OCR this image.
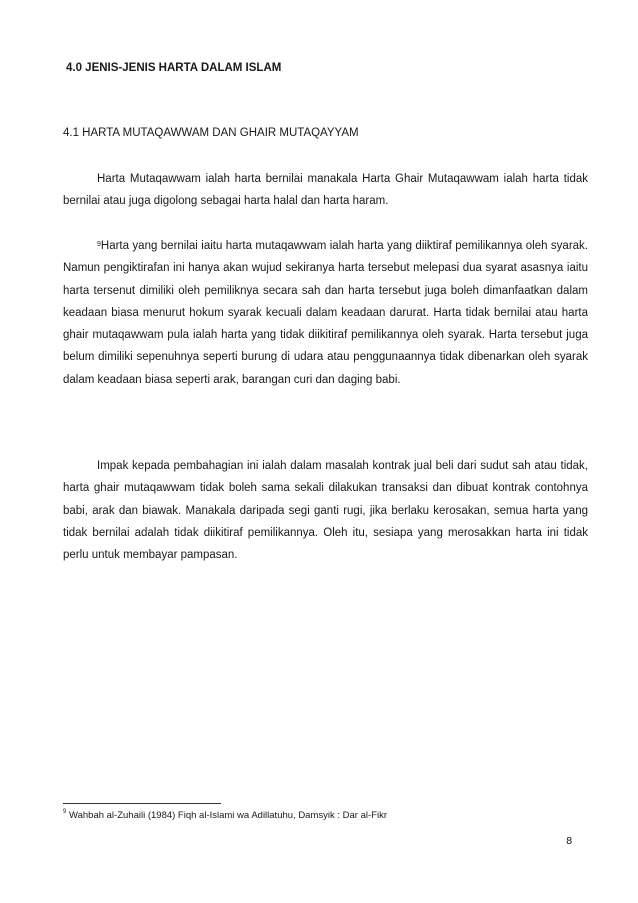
4.0 JENIS-JENIS HARTA DALAM ISLAM
4.1 HARTA MUTAQAWWAM DAN GHAIR MUTAQAYYAM

Harta Mutaqawwam ialah harta bernilai manakala Harta Ghair Mutaqawwam ialah harta tidak bernilai atau juga digolong sebagai harta halal dan harta haram.

$^9$Harta yang bernilai iaitu harta mutaqawwam ialah harta yang diiktiraf pemilikannya oleh syarak. Namun pengiktirafan ini hanya akan wujud sekiranya harta tersebut melepasi dua syarat asasnya iaitu harta tersenut dimiliki oleh pemiliknya secara sah dan harta tersebut juga boleh dimanfaatkan dalam keadaan biasa menurut hokum syarak kecuali dalam keadaan darurat. Harta tidak bernilai atau harta ghair mutaqawwam pula ialah harta yang tidak diikitiraf pemilikannya oleh syarak. Harta tersebut juga belum dimiliki sepenuhnya seperti burung di udara atau penggunaannya tidak dibenarkan oleh syarak dalam keadaan biasa seperti arak, barangan curi dan daging babi.

Impak kepada pembahagian ini ialah dalam masalah kontrak jual beli dari sudut sah atau tidak, harta ghair mutaqawwam tidak boleh sama sekali dilakukan transaksi dan dibuat kontrak contohnya babi, arak dan biawak. Manakala daripada segi ganti rugi, jika berlaku kerosakan, semua harta yang tidak bernilai adalah tidak diikitiraf pemilikannya. Oleh itu, sesiapa yang merosakkan harta ini tidak perlu untuk membayar pampasan.

$^9$ Wahbah al-Zuhaili (1984) Fiqh al-Islami wa Adillatuhu, Damsyik : Dar al-Fikr
8
